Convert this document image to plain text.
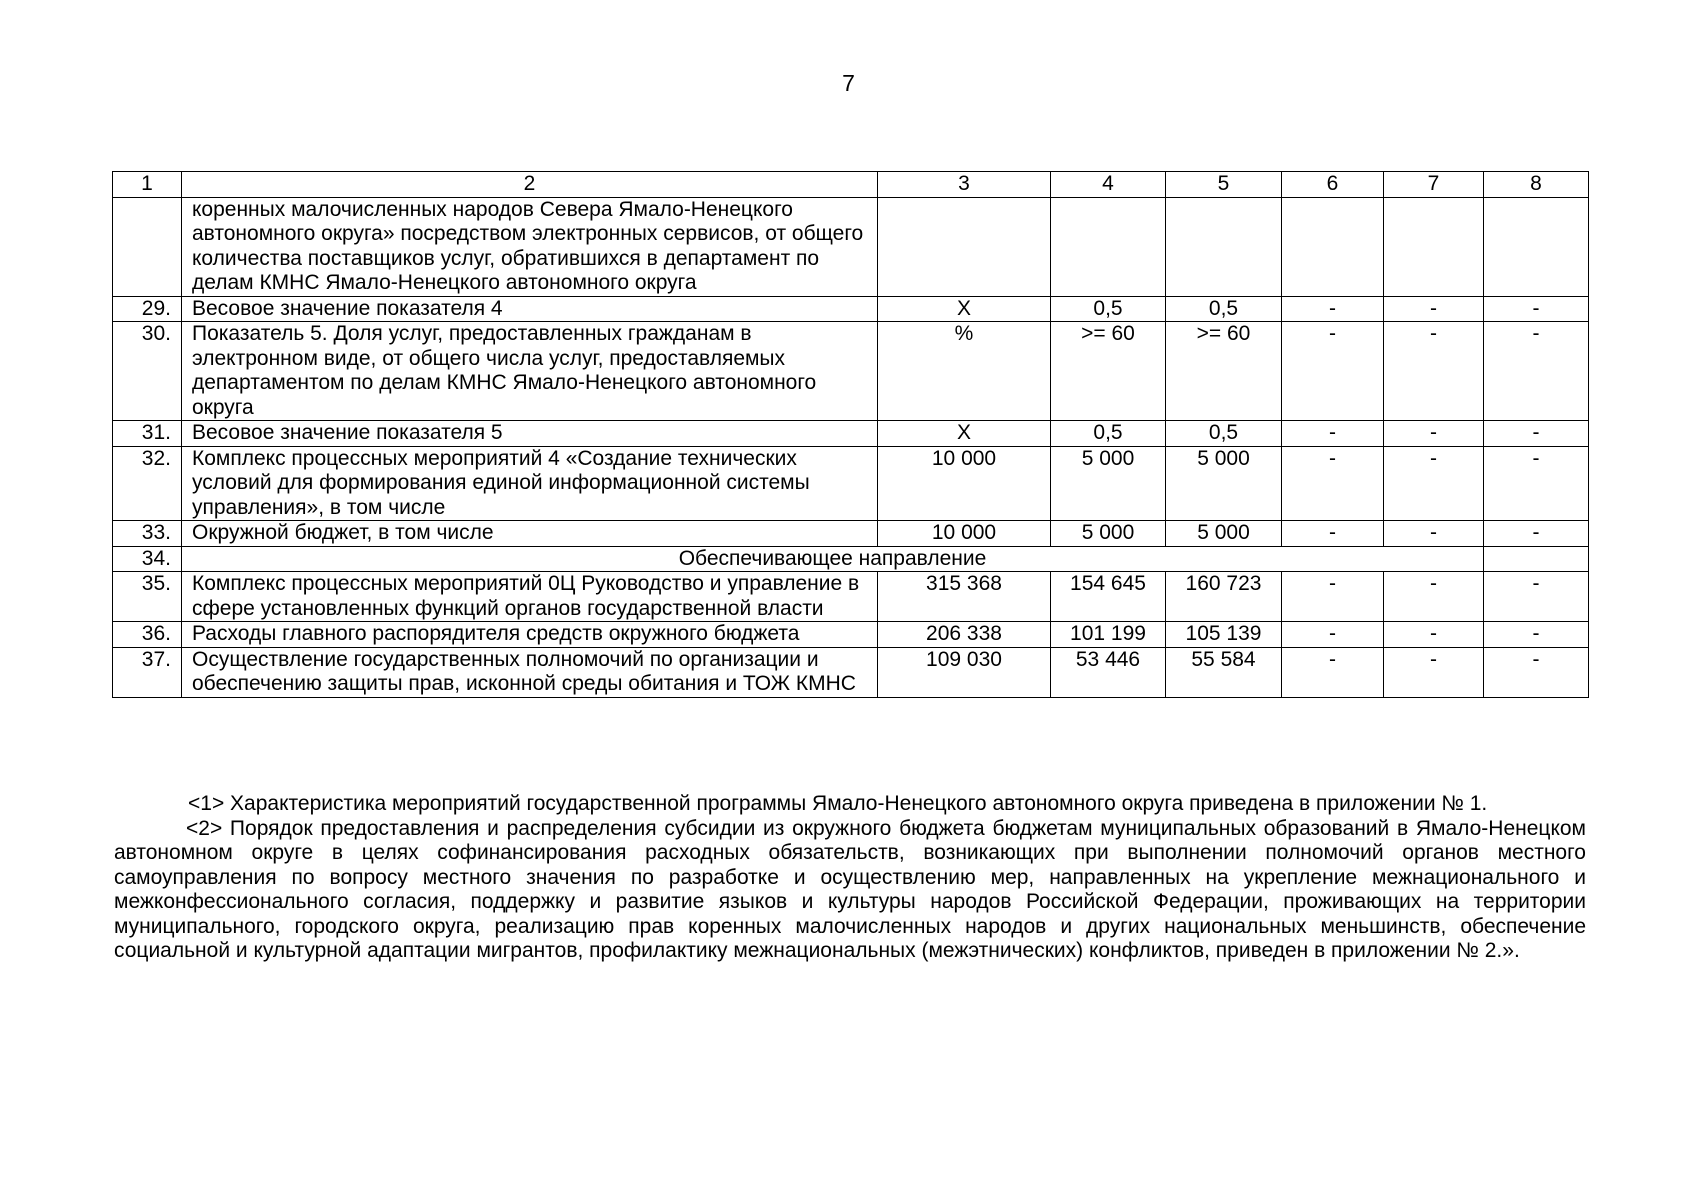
7
1	2	3	4	5	6	7	8
	коренных малочисленных народов Севера Ямало-Ненецкого автономного округа» посредством электронных сервисов, от общего количества поставщиков услуг, обратившихся в департамент по делам КМНС Ямало-Ненецкого автономного округа						
29.	Весовое значение показателя 4	X	0,5	0,5	-	-	-
30.	Показатель 5. Доля услуг, предоставленных гражданам в электронном виде, от общего числа услуг, предоставляемых департаментом по делам КМНС Ямало-Ненецкого автономного округа	%	>= 60	>= 60	-	-	-
31.	Весовое значение показателя 5	X	0,5	0,5	-	-	-
32.	Комплекс процессных мероприятий 4 «Создание технических условий для формирования единой информационной системы управления», в том числе	10 000	5 000	5 000	-	-	-
33.	Окружной бюджет, в том числе	10 000	5 000	5 000	-	-	-
34.	Обеспечивающее направление						
35.	Комплекс процессных мероприятий 0Ц Руководство и управление в сфере установленных функций органов государственной власти	315 368	154 645	160 723	-	-	-
36.	Расходы главного распорядителя средств окружного бюджета	206 338	101 199	105 139	-	-	-
37.	Осуществление государственных полномочий по организации и обеспечению защиты прав, исконной среды обитания и ТОЖ КМНС	109 030	53 446	55 584	-	-	-

<1> Характеристика мероприятий государственной программы Ямало-Ненецкого автономного округа приведена в приложении № 1.

<2> Порядок предоставления и распределения субсидии из окружного бюджета бюджетам муниципальных образований в Ямало-Ненецком автономном округе в целях софинансирования расходных обязательств, возникающих при выполнении полномочий органов местного самоуправления по вопросу местного значения по разработке и осуществлению мер, направленных на укрепление межнационального и межконфессионального согласия, поддержку и развитие языков и культуры народов Российской Федерации, проживающих на территории муниципального, городского округа, реализацию прав коренных малочисленных народов и других национальных меньшинств, обеспечение социальной и культурной адаптации мигрантов, профилактику межнациональных (межэтнических) конфликтов, приведен в приложении № 2.».
